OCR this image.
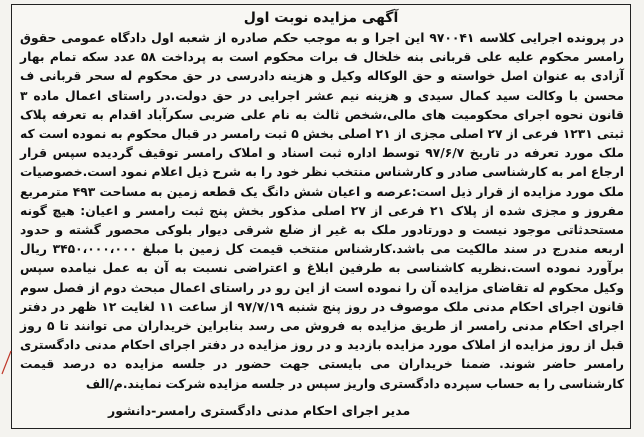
آگهی مزایده نوبت اول
در پرونده اجرایی کلاسه ۹۷۰۰۴۱ این اجرا و به موجب حکم صادره از شعبه اول دادگاه عمومی حقوق رامسر محکوم علیه علی قربانی بنه خلخال ف برات محکوم است به پرداخت ۵۸ عدد سکه تمام بهار آزادی به عنوان اصل خواسته و حق الوکاله وکیل و هزینه دادرسی در حق محکوم له سحر قربانی ف محسن با وکالت سید کمال سیدی و هزینه نیم عشر اجرایی در حق دولت.در راستای اعمال ماده ۳ قانون نحوه اجرای محکومیت های مالی،شخص ثالث به نام علی ضربی سکرآباد اقدام به تعرفه پلاک ثبتی ۱۲۳۱ فرعی از ۲۷ اصلی مجزی از ۲۱ اصلی بخش ۵ ثبت رامسر در قبال محکوم به نموده است که ملک مورد تعرفه در تاریخ ۹۷/۶/۷ توسط اداره ثبت اسناد و املاک رامسر توقیف گردیده سپس قرار ارجاع امر به کارشناسی صادر و کارشناس منتخب نظر خود را به شرح ذیل اعلام نمود است.خصوصیات ملک مورد مزایده از قرار ذیل است:عرصه و اعیان شش دانگ یک قطعه زمین به مساحت ۴۹۳ مترمربع مفروز و مجزی شده از پلاک ۲۱ فرعی از ۲۷ اصلی مذکور بخش پنج ثبت رامسر و اعیان: هیچ گونه مستحدثاتی موجود نیست و دورتادور ملک به غیر از ضلع شرقی دیوار بلوکی محصور گشته و حدود اربعه مندرج در سند مالکیت می باشد.کارشناس منتخب قیمت کل زمین با مبلغ ۳۴۵۰،۰۰۰،۰۰۰ ریال برآورد نموده است.نظریه کاشناسی به طرفین ابلاغ و اعتراضی نسبت به آن به عمل نیامده سپس وکیل محکوم له تقاضای مزایده آن را نموده است از این رو در راستای اعمال مبحث دوم از فصل سوم قانون اجرای احکام مدنی ملک موصوف در روز پنج شنبه ۹۷/۷/۱۹ از ساعت ۱۱ لغایت ۱۲ ظهر در دفتر اجرای احکام مدنی رامسر از طریق مزایده به فروش می رسد بنابراین خریداران می توانند تا ۵ روز قبل از روز مزایده از املاک مورد مزایده بازدید و در روز مزایده در دفتر اجرای احکام مدنی دادگستری رامسر حاضر شوند. ضمنا خریداران می بایستی جهت حضور در جلسه مزایده ده درصد قیمت کارشناسی را به حساب سپرده دادگستری واریز سپس در جلسه مزایده شرکت نمایند.م/الف
مدیر اجرای احکام مدنی دادگستری رامسر-دانشور
